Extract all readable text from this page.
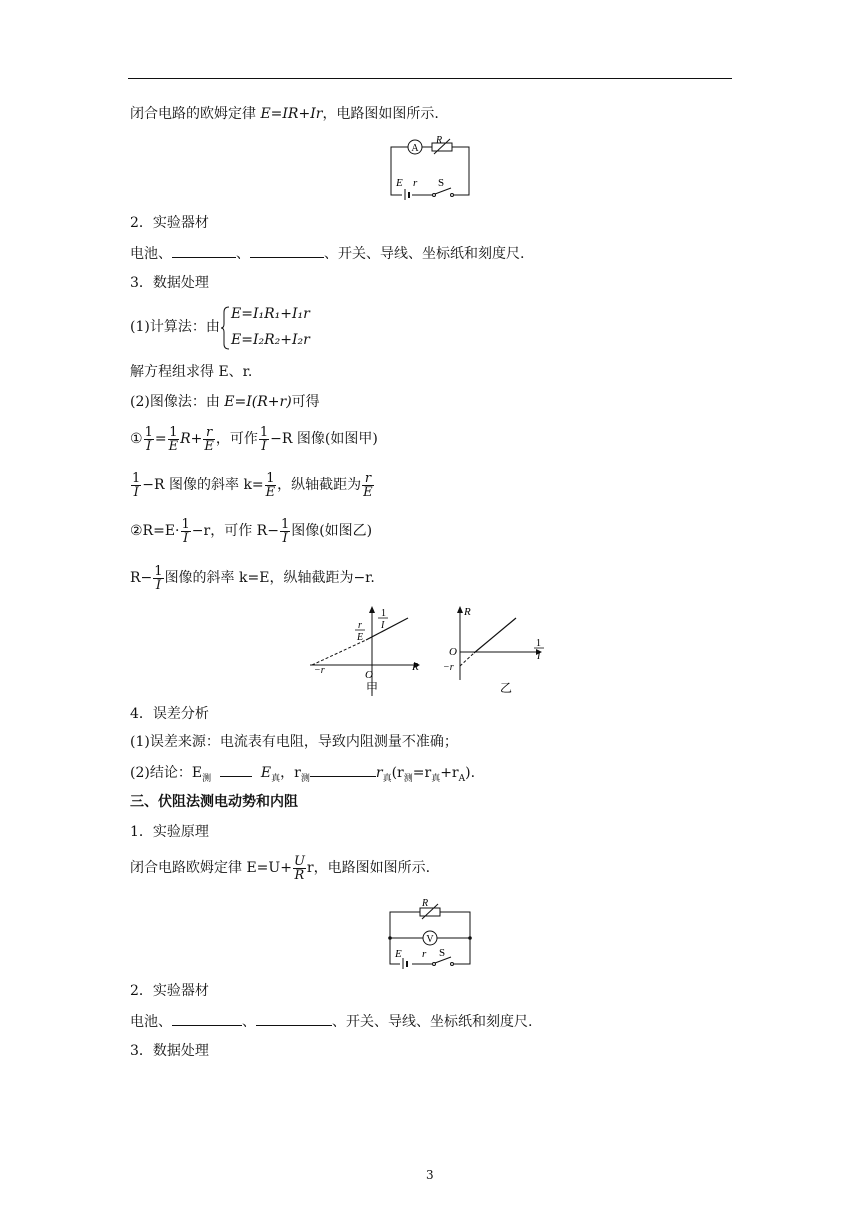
闭合电路的欧姆定律 E=IR+Ir，电路图如图所示.
A
R
E r S
2．实验器材
电池、	、	、开关、导线、坐标纸和刻度尺.
3．数据处理
(1)计算法：由
E=I₁R₁+I₁r
E=I₂R₂+I₂r
解方程组求得 E、r.
(2)图像法：由 E=I(R+r)可得
① $\frac{1}{I} = \frac{1}{E} R+ \frac{r}{E}$ ，可作 $\frac{1}{I} -R$ 图像(如图甲)
$\frac{1}{I} -R$ 图像的斜率 $k= \frac{1}{E}$ ，纵轴截距为 $\frac{r}{E}$
②R=E· $\frac{1}{I} -r$，可作 $R- \frac{1}{I}$ 图像(如图乙)
$R- \frac{1}{I}$ 图像的斜率 k=E，纵轴截距为−r.
R
O
1
I
r
E
−r
甲
R
O
1
I
−r
乙
4．误差分析
(1)误差来源：电流表有电阻，导致内阻测量不准确；
(2)结论：$E_测$	$E_真$，$r_测$	$r_真(r_测=r_真+r_A)$.
三、伏阻法测电动势和内阻
1．实验原理
闭合电路欧姆定律 $E=U+ \frac{U}{R}$ r，电路图如图所示.
R
V
E r S
2．实验器材
电池、	、	、开关、导线、坐标纸和刻度尺.
3．数据处理
3
